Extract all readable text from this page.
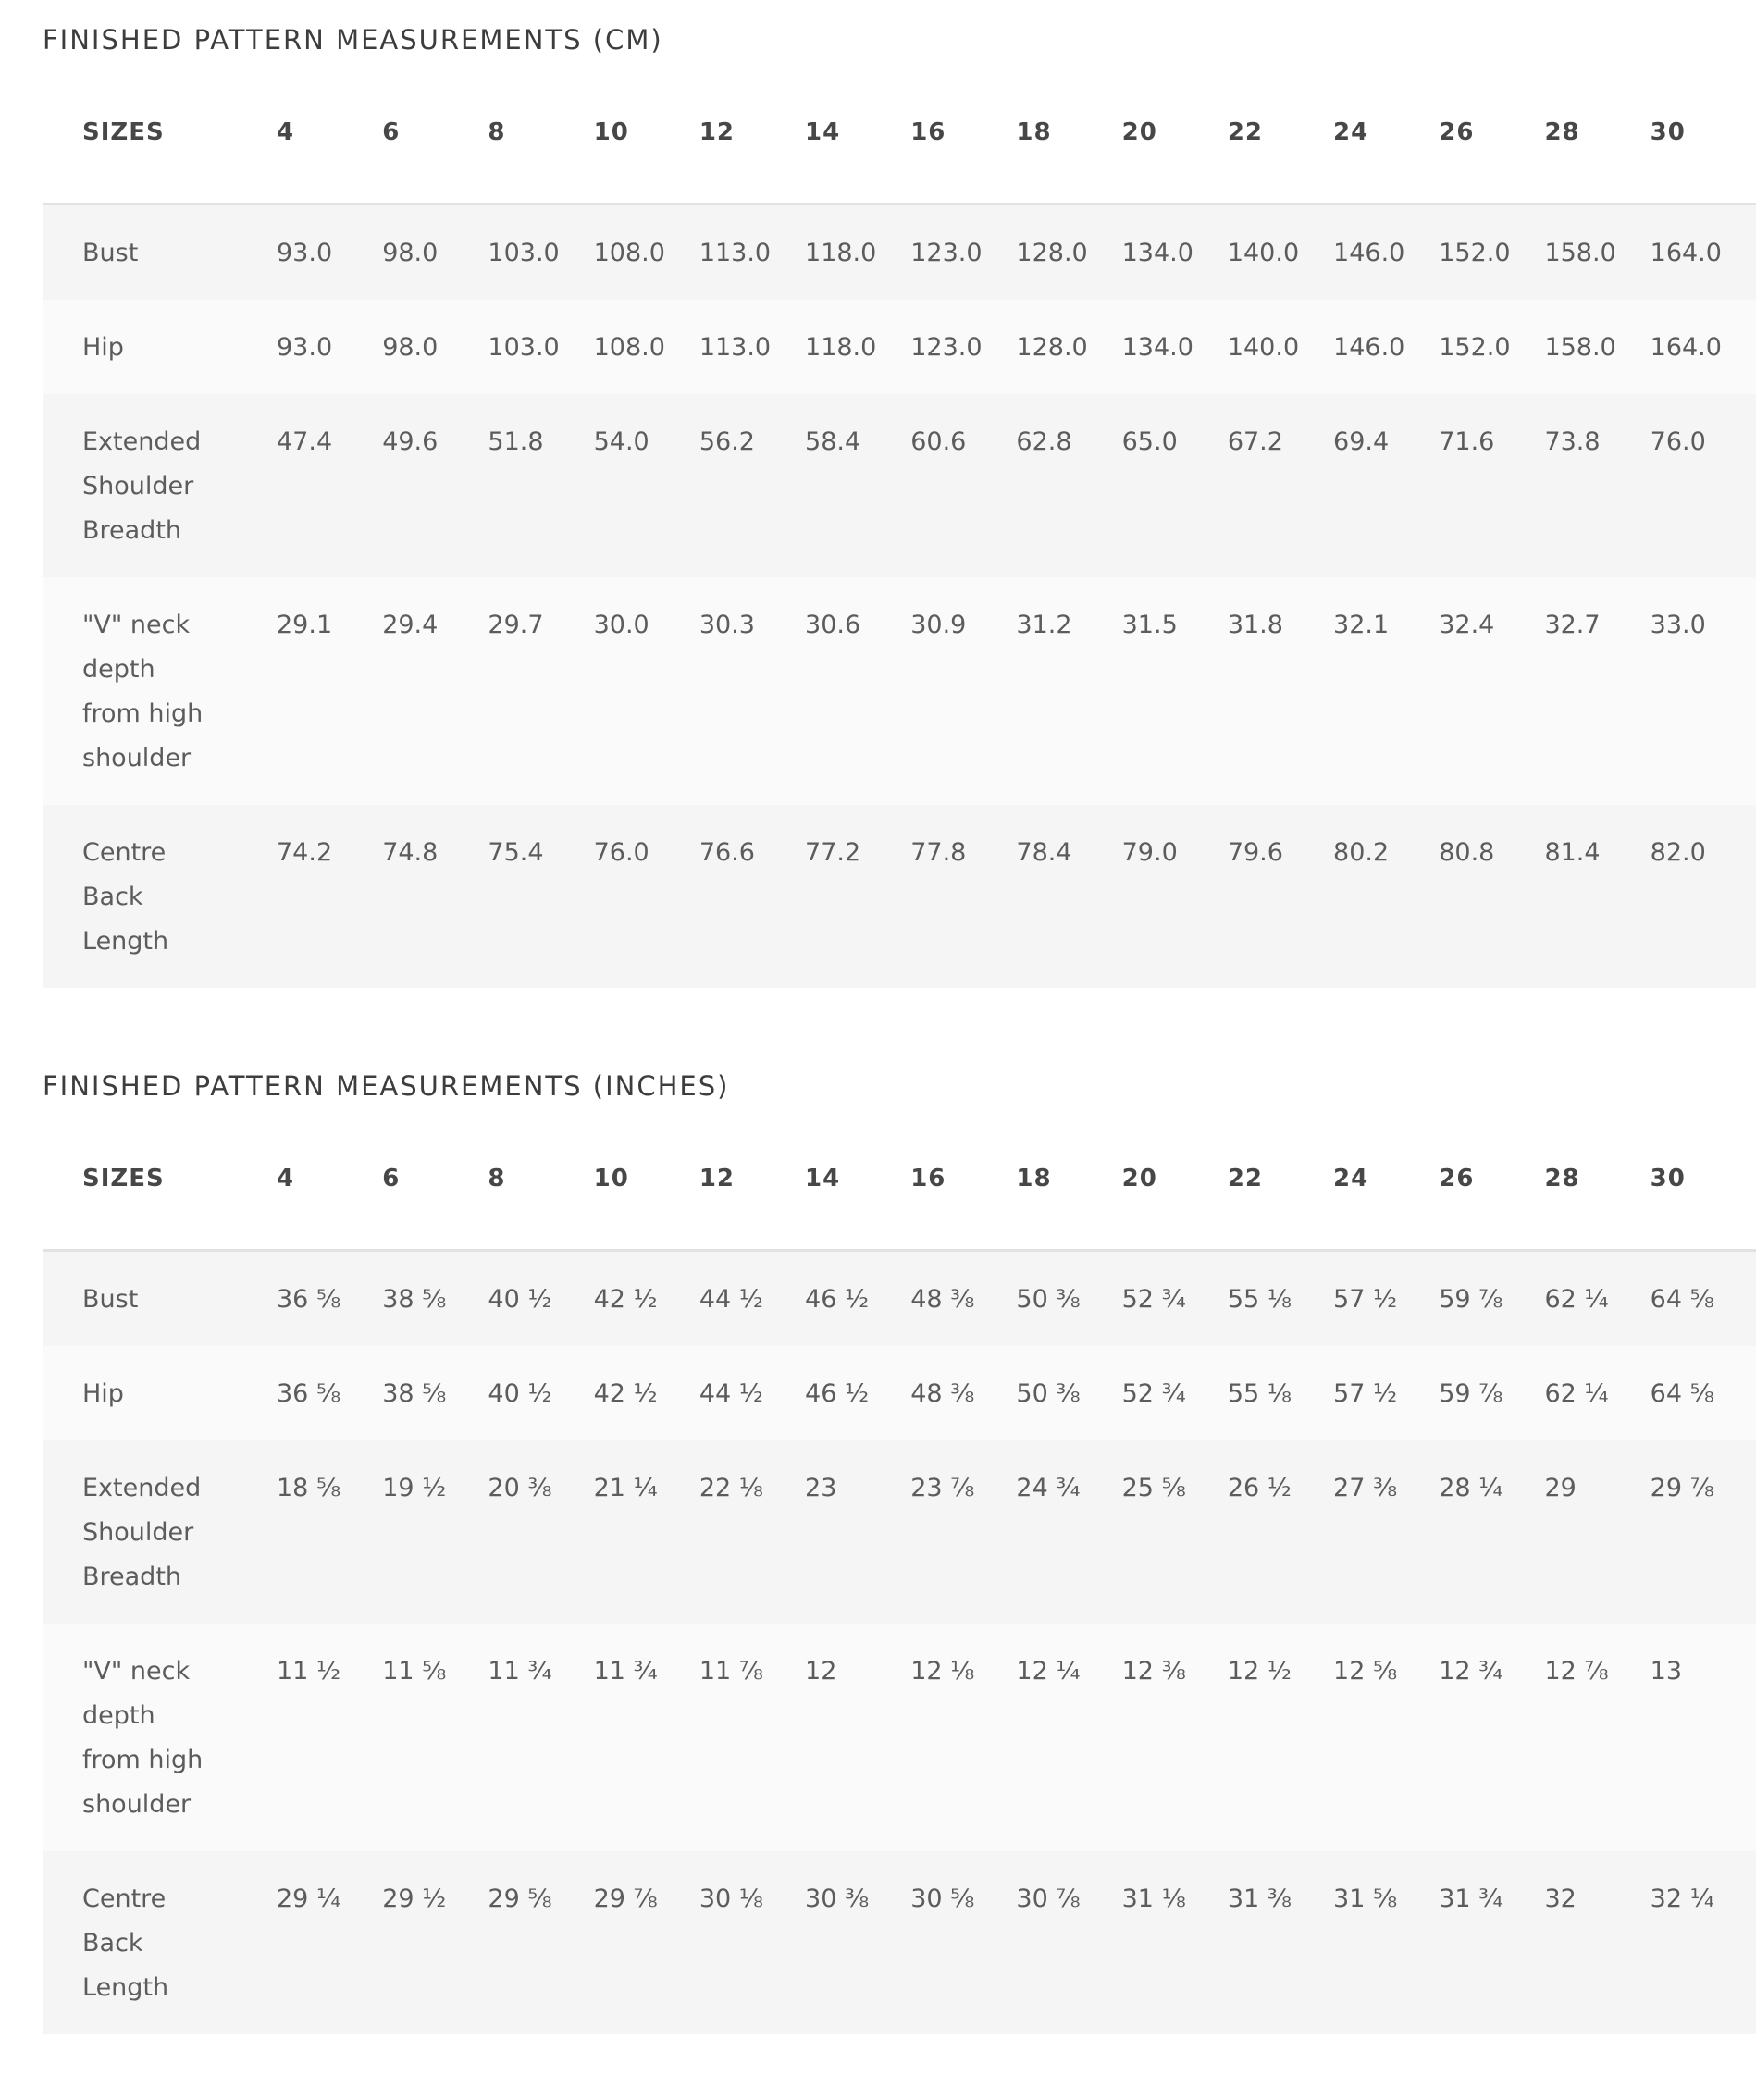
FINISHED PATTERN MEASUREMENTS (CM)
SIZES	4	6	8	10	12	14	16	18	20	22	24	26	28	30

Bust	93.0	98.0	103.0	108.0	113.0	118.0	123.0	128.0	134.0	140.0	146.0	152.0	158.0	164.0

Hip	93.0	98.0	103.0	108.0	113.0	118.0	123.0	128.0	134.0	140.0	146.0	152.0	158.0	164.0

Extended Shoulder Breadth	47.4	49.6	51.8	54.0	56.2	58.4	60.6	62.8	65.0	67.2	69.4	71.6	73.8	76.0

"V" neck depth from high shoulder	29.1	29.4	29.7	30.0	30.3	30.6	30.9	31.2	31.5	31.8	32.1	32.4	32.7	33.0

Centre Back Length	74.2	74.8	75.4	76.0	76.6	77.2	77.8	78.4	79.0	79.6	80.2	80.8	81.4	82.0
FINISHED PATTERN MEASUREMENTS (INCHES)
SIZES	4	6	8	10	12	14	16	18	20	22	24	26	28	30

Bust	36 ⅝	38 ⅝	40 ½	42 ½	44 ½	46 ½	48 ⅜	50 ⅜	52 ¾	55 ⅛	57 ½	59 ⅞	62 ¼	64 ⅝

Hip	36 ⅝	38 ⅝	40 ½	42 ½	44 ½	46 ½	48 ⅜	50 ⅜	52 ¾	55 ⅛	57 ½	59 ⅞	62 ¼	64 ⅝

Extended Shoulder Breadth	18 ⅝	19 ½	20 ⅜	21 ¼	22 ⅛	23	23 ⅞	24 ¾	25 ⅝	26 ½	27 ⅜	28 ¼	29	29 ⅞

"V" neck depth from high shoulder	11 ½	11 ⅝	11 ¾	11 ¾	11 ⅞	12	12 ⅛	12 ¼	12 ⅜	12 ½	12 ⅝	12 ¾	12 ⅞	13

Centre Back Length	29 ¼	29 ½	29 ⅝	29 ⅞	30 ⅛	30 ⅜	30 ⅝	30 ⅞	31 ⅛	31 ⅜	31 ⅝	31 ¾	32	32 ¼
